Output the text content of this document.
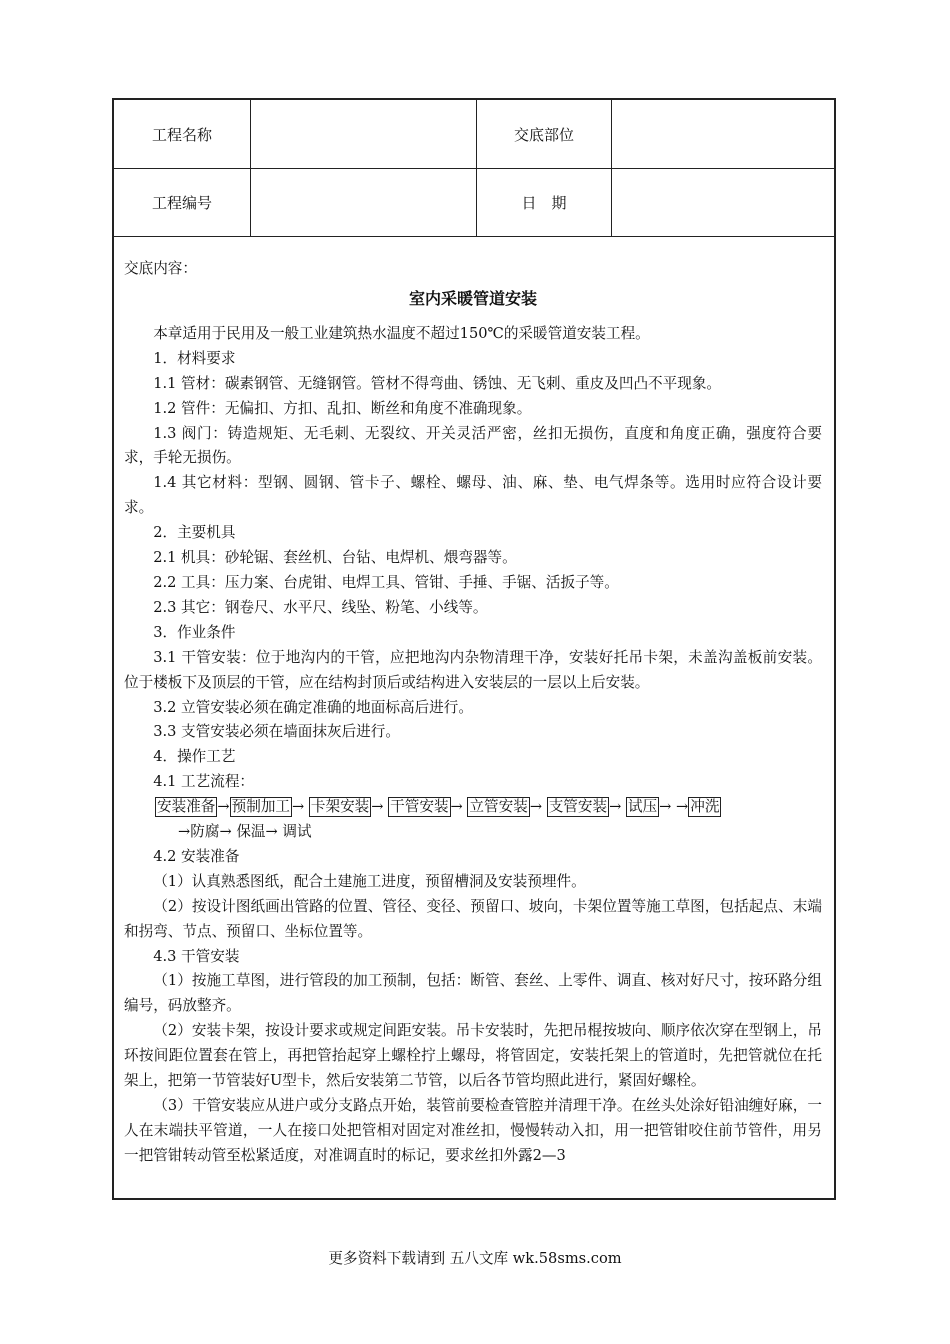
工程名称	交底部位
工程编号	日　期

交底内容：

室内采暖管道安装

本章适用于民用及一般工业建筑热水温度不超过150℃的采暖管道安装工程。

1．材料要求

1.1 管材：碳素钢管、无缝钢管。管材不得弯曲、锈蚀、无飞刺、重皮及凹凸不平现象。

1.2 管件：无偏扣、方扣、乱扣、断丝和角度不准确现象。

1.3 阀门：铸造规矩、无毛刺、无裂纹、开关灵活严密，丝扣无损伤，直度和角度正确，强度符合要求，手轮无损伤。

1.4 其它材料：型钢、圆钢、管卡子、螺栓、螺母、油、麻、垫、电气焊条等。选用时应符合设计要求。

2．主要机具

2.1 机具：砂轮锯、套丝机、台钻、电焊机、煨弯器等。

2.2 工具：压力案、台虎钳、电焊工具、管钳、手捶、手锯、活扳子等。

2.3 其它：钢卷尺、水平尺、线坠、粉笔、小线等。

3．作业条件

3.1 干管安装：位于地沟内的干管，应把地沟内杂物清理干净，安装好托吊卡架，未盖沟盖板前安装。位于楼板下及顶层的干管，应在结构封顶后或结构进入安装层的一层以上后安装。

3.2 立管安装必须在确定准确的地面标高后进行。

3.3 支管安装必须在墙面抹灰后进行。

4．操作工艺

4.1 工艺流程：

安装准备 → 预制加工 → 卡架安装 → 干管安装 → 立管安装 → 支管安装 → 试压 → → 冲洗

→防腐→ 保温→ 调试

4.2 安装准备

（1）认真熟悉图纸，配合土建施工进度，预留槽洞及安装预埋件。

（2）按设计图纸画出管路的位置、管径、变径、预留口、坡向，卡架位置等施工草图，包括起点、末端和拐弯、节点、预留口、坐标位置等。

4.3 干管安装

（1）按施工草图，进行管段的加工预制，包括：断管、套丝、上零件、调直、核对好尺寸，按环路分组编号，码放整齐。

（2）安装卡架，按设计要求或规定间距安装。吊卡安装时，先把吊棍按坡向、顺序依次穿在型钢上，吊环按间距位置套在管上，再把管抬起穿上螺栓拧上螺母，将管固定，安装托架上的管道时，先把管就位在托架上，把第一节管装好U型卡，然后安装第二节管，以后各节管均照此进行，紧固好螺栓。

（3）干管安装应从进户或分支路点开始，装管前要检查管腔并清理干净。在丝头处涂好铅油缠好麻，一人在末端扶平管道，一人在接口处把管相对固定对准丝扣，慢慢转动入扣，用一把管钳咬住前节管件，用另一把管钳转动管至松紧适度，对准调直时的标记，要求丝扣外露2—3

更多资料下载请到 五八文库 wk.58sms.com
